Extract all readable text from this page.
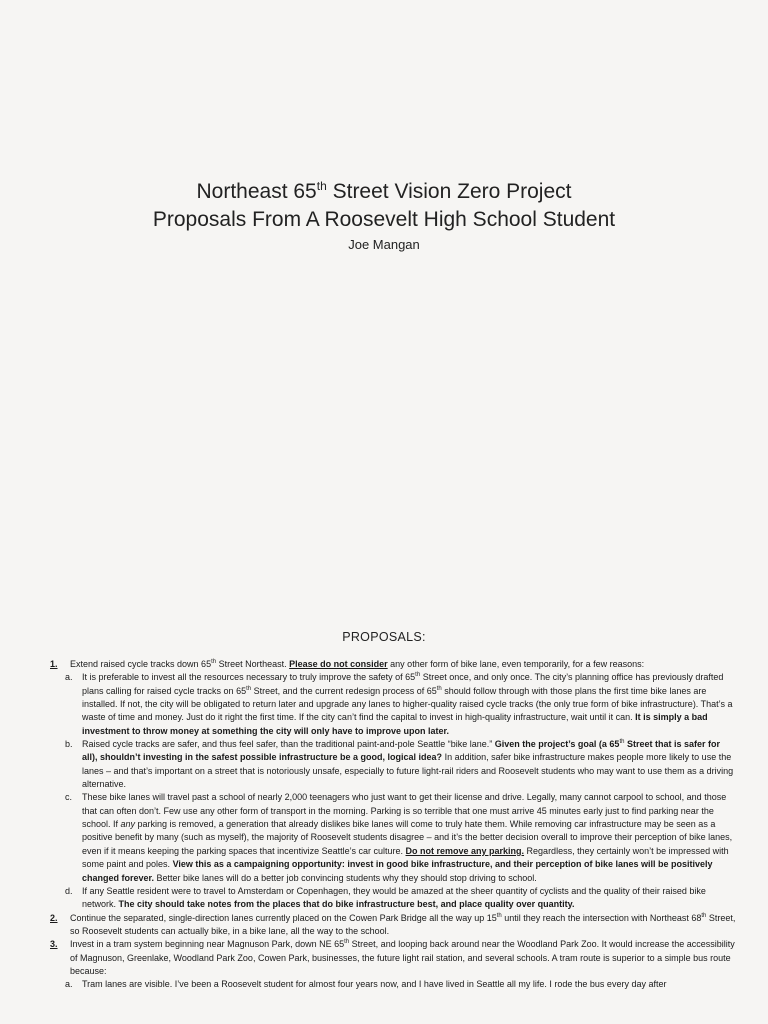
Northeast 65th Street Vision Zero Project
Proposals From A Roosevelt High School Student
Joe Mangan
PROPOSALS:
1. Extend raised cycle tracks down 65th Street Northeast. Please do not consider any other form of bike lane, even temporarily, for a few reasons:
a. It is preferable to invest all the resources necessary to truly improve the safety of 65th Street once, and only once. The city’s planning office has previously drafted plans calling for raised cycle tracks on 65th Street, and the current redesign process of 65th should follow through with those plans the first time bike lanes are installed. If not, the city will be obligated to return later and upgrade any lanes to higher-quality raised cycle tracks (the only true form of bike infrastructure). That’s a waste of time and money. Just do it right the first time. If the city can’t find the capital to invest in high-quality infrastructure, wait until it can. It is simply a bad investment to throw money at something the city will only have to improve upon later.
b. Raised cycle tracks are safer, and thus feel safer, than the traditional paint-and-pole Seattle “bike lane.” Given the project’s goal (a 65th Street that is safer for all), shouldn’t investing in the safest possible infrastructure be a good, logical idea? In addition, safer bike infrastructure makes people more likely to use the lanes – and that’s important on a street that is notoriously unsafe, especially to future light-rail riders and Roosevelt students who may want to use them as a driving alternative.
c. These bike lanes will travel past a school of nearly 2,000 teenagers who just want to get their license and drive. Legally, many cannot carpool to school, and those that can often don’t. Few use any other form of transport in the morning. Parking is so terrible that one must arrive 45 minutes early just to find parking near the school. If any parking is removed, a generation that already dislikes bike lanes will come to truly hate them. While removing car infrastructure may be seen as a positive benefit by many (such as myself), the majority of Roosevelt students disagree – and it’s the better decision overall to improve their perception of bike lanes, even if it means keeping the parking spaces that incentivize Seattle’s car culture. Do not remove any parking. Regardless, they certainly won’t be impressed with some paint and poles. View this as a campaigning opportunity: invest in good bike infrastructure, and their perception of bike lanes will be positively changed forever. Better bike lanes will do a better job convincing students why they should stop driving to school.
d. If any Seattle resident were to travel to Amsterdam or Copenhagen, they would be amazed at the sheer quantity of cyclists and the quality of their raised bike network. The city should take notes from the places that do bike infrastructure best, and place quality over quantity.
2. Continue the separated, single-direction lanes currently placed on the Cowen Park Bridge all the way up 15th until they reach the intersection with Northeast 68th Street, so Roosevelt students can actually bike, in a bike lane, all the way to the school.
3. Invest in a tram system beginning near Magnuson Park, down NE 65th Street, and looping back around near the Woodland Park Zoo. It would increase the accessibility of Magnuson, Greenlake, Woodland Park Zoo, Cowen Park, businesses, the future light rail station, and several schools. A tram route is superior to a simple bus route because:
a. Tram lanes are visible. I’ve been a Roosevelt student for almost four years now, and I have lived in Seattle all my life. I rode the bus every day after
